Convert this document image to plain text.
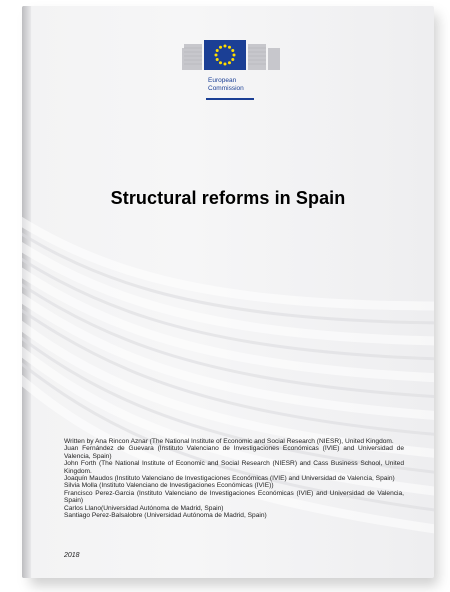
European
Commission
Structural reforms in Spain

Written by Ana Rincon Aznar (The National Institute of Economic and Social Research (NIESR), United Kingdom.

Juan Fernández de Guevara (Instituto Valenciano de Investigaciones Económicas (IVIE) and Universidad de Valencia, Spain)

John Forth (The National Institute of Economic and Social Research (NIESR) and Cass Business School, United Kingdom.

Joaquín Maudos (Instituto Valenciano de Investigaciones Económicas (IVIE) and Universidad de Valencia, Spain)

Silvia Molla (Instituto Valenciano de Investigaciones Económicas (IVIE))

Francisco Perez-Garcia (Instituto Valenciano de Investigaciones Económicas (IVIE) and Universidad de Valencia, Spain)

Carlos Llano(Universidad Autónoma de Madrid, Spain)

Santiago Perez-Balsalobre (Universidad Autónoma de Madrid, Spain)

2018
